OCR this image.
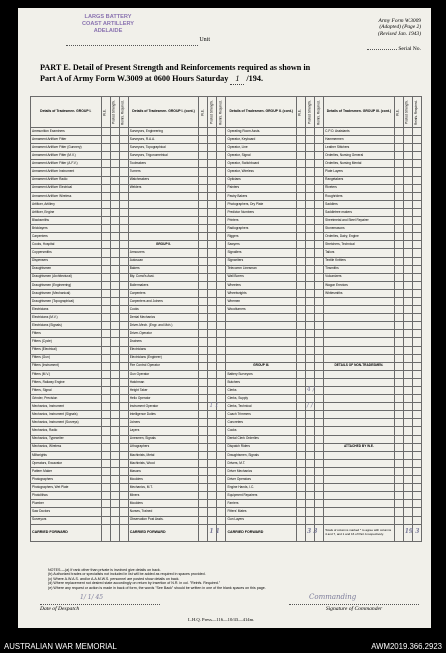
LARGS BATTERY
COAST ARTILLERY
ADELAIDE
Unit
Army Form W.3009
(Adapted) (Page 2)
(Revised Jan. 1943)
Serial No.
PART E. Detail of Present Strength and Reinforcements required as shown in
Part A of Army Form W.3009 at 0600 Hours Saturday 1 /194.
Details of Tradesmen. GROUP I.	W.E.	Posted Strength.	Reinfs. Required.	Details of Tradesmen. GROUP I. (cont.)	W.E.	Posted Strength.	Reinfs. Required.	Details of Tradesmen. GROUP II. (cont.)	W.E.	Posted Strength.	Reinfs. Required.	Details of Tradesmen. GROUP III. (cont.)	W.E.	Posted Strength.	Reinfs. Required.
Ammunition Examiners				Surveyors, Engineering				Operating Room Assts.				C.P.O. Assistants			
Armament Artificer Fitter				Surveyors, R.A.A.				Operator, Keyboard				Hammermen			
Armament Artificer Fitter (Gunnery)				Surveyors, Topographical				Operator, Line				Leather Stitchers			
Armament Artificer Fitter (M.V.)				Surveyors, Trigonometrical				Operator, Signal				Orderlies, Nursing General			
Armament Artificer Fitter (A.F.V.)				Toolmakers				Operator, Switchboard				Orderlies, Nursing Mental			
Armament Artificer Instrument				Turners				Operator, Wireless				Plate Layers			
Armament Artificer Radio				Watchmakers				Opticians				Rangetakers			
Armament Artificer Electrical				Welders				Painters				Riveters			
Armament Artificer Wireless								Pastry Bakers				Roughriders			
Artificer, Artillery								Photographers, Dry Plate				Saddlers			
Artificer, Engine								Predictor Numbers				Saddletree makers			
Blacksmiths								Printers				Sheetmetal and Steel Repairer			
Bricklayers								Radiographers				Stonemasons			
Carpenters								Riggers				Orderlies, Dairy, Engine			
Cooks, Hospital				GROUP II.				Sawyers				Stretchers, Technical			
Coppersmiths				Armourers				Signallers				Tailors			
Dispensers				Autoscan				Signwriters				Textile Knitters			
Draughtsmen				Bakers				Telecomm Linesman				Tinsmiths			
Draughtsmen (Architectural)				Bty. Comd's Asst.				Wall Borers				Vulcanizers			
Draughtsmen (Engineering)				Boilermakers				Wheelers				Wagon Erectors			
Draughtsmen (Mechanical)				Carpenters				Wheelwrights				Whitesmiths			
Draughtsmen (Topographical)				Carpenters and Joiners				Wiremen							
Electricians				Cooks				Woodturners							
Electricians (M.V.)				Dental Mechanics											
Electricians (Signals)				Driver-Mech. (Engr. and Mch.)											
Fitters				Driver-Operator											
Fitters (Cycle)				Drainers											
Fitters (Electrical)				Electricians											
Fitters (Gun)				Electricians (Engineer)											
Fitters (Instrument)				Fire Control Operator				GROUP III.				DETAILS OF NON-TRADESMEN.			
Fitters (M.V.)				Gun Operator				Battery Surveyors							
Fitters, Railway Engine				Hatchman				Butchers							
Fitters, Signal				Height Taker				Clerks		4 /					
Grinder, Precision				Hello Operator				Clerks, Supply							
Mechanics, Instrument				Instrument Operator		1 1		Clerks, Technical		/ /					
Mechanics, Instrument (Signals)				Intelligence Duties				Coach Trimmers							
Mechanics, Instrument (Surveys)				Joiners				Concreters							
Mechanics, Radio				Layers				Cooks							
Mechanics, Typewriter				Linesmen, Signals				Dental Clerk Orderlies							
Mechanics, Wireless				Lithographers				Dispatch Riders				ATTACHED BY W.E.			
Millwrights				Machinists, Metal				Draughtsmen, Signals							
Operators, Excavator				Machinists, Wood				Drivers, M.T.							
Pattern Maker				Masons				Driver Mechanics							
Photographers				Moulders				Driver Operators							
Photographers, Wet Plate				Mechanics, M.T.				Engine Hands, I.C.							
Photolithos				Miners				Equipment Repairers							
Plumber				Moulders				Farriers							
Saw Doctors				Nurses, Trained				Fitters' Mates							
Surveyors				Observation Post Assts.				Gun Layers							
CARRIED FORWARD				CARRIED FORWARD		1 1		CARRIED FORWARD		3 3		Totals of columns marked * to agree with columns 4 and 7, and 1 and 16 of Part A respectively.		19 3	
NOTES.—(a) If rank other than private is involved give details on back.
(b) Authorized trades or specialists not included in list will be added as required in spaces provided.
(c) Where A.W.A.S. and/or A.A.M.W.S. personnel are posted show details on back.
(d) Where replacement not desired state accordingly on return by insertion of N.R. in col. "Reinfs. Required."
(e) Where any request or action is made in back of form, the words "See Back" should be written in one of the blank spaces on this page.
1/ 1/ 45
Date of Despatch
Commanding
Signature of Commander
L.H.Q. Press—116—10/43—414m.
AUSTRALIAN WAR MEMORIAL	AWM2019.366.2923
